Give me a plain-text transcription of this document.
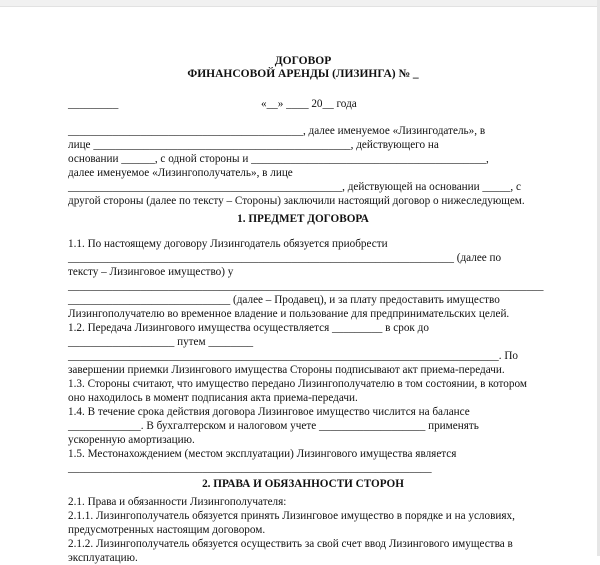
ДОГОВОР
ФИНАНСОВОЙ АРЕНДЫ (ЛИЗИНГА) № _
_________                                                   «__» ____ 20__ года
__________________________________________, далее именуемое «Лизингодатель», в
лице ______________________________________________, действующего на
основании ______, с одной стороны и __________________________________________,
далее именуемое «Лизингополучатель», в лице
_________________________________________________, действующей на основании _____, с
другой стороны (далее по тексту – Стороны) заключили настоящий договор о нижеследующем.
1. ПРЕДМЕТ ДОГОВОРА
1.1. По настоящему договору Лизингодатель обязуется приобрести
_____________________________________________________________________ (далее по
тексту – Лизинговое имущество) у
_____________________________________________________________________________________
_____________________________ (далее – Продавец), и за плату предоставить имущество
Лизингополучателю во временное владение и пользование для предпринимательских целей.
1.2. Передача Лизингового имущества осуществляется _________ в срок до
___________________ путем ________
_____________________________________________________________________________. По
завершении приемки Лизингового имущества Стороны подписывают акт приема-передачи.
1.3. Стороны считают, что имущество передано Лизингополучателю в том состоянии, в котором
оно находилось в момент подписания акта приема-передачи.
1.4. В течение срока действия договора Лизинговое имущество числится на балансе
_____________. В бухгалтерском и налоговом учете ___________________ применять
ускоренную амортизацию.
1.5. Местонахождением (местом эксплуатации) Лизингового имущества является
_________________________________________________________________
2. ПРАВА И ОБЯЗАННОСТИ СТОРОН
2.1. Права и обязанности Лизингополучателя:
2.1.1. Лизингополучатель обязуется принять Лизинговое имущество в порядке и на условиях,
предусмотренных настоящим договором.
2.1.2. Лизингополучатель обязуется осуществить за свой счет ввод Лизингового имущества в
эксплуатацию.
